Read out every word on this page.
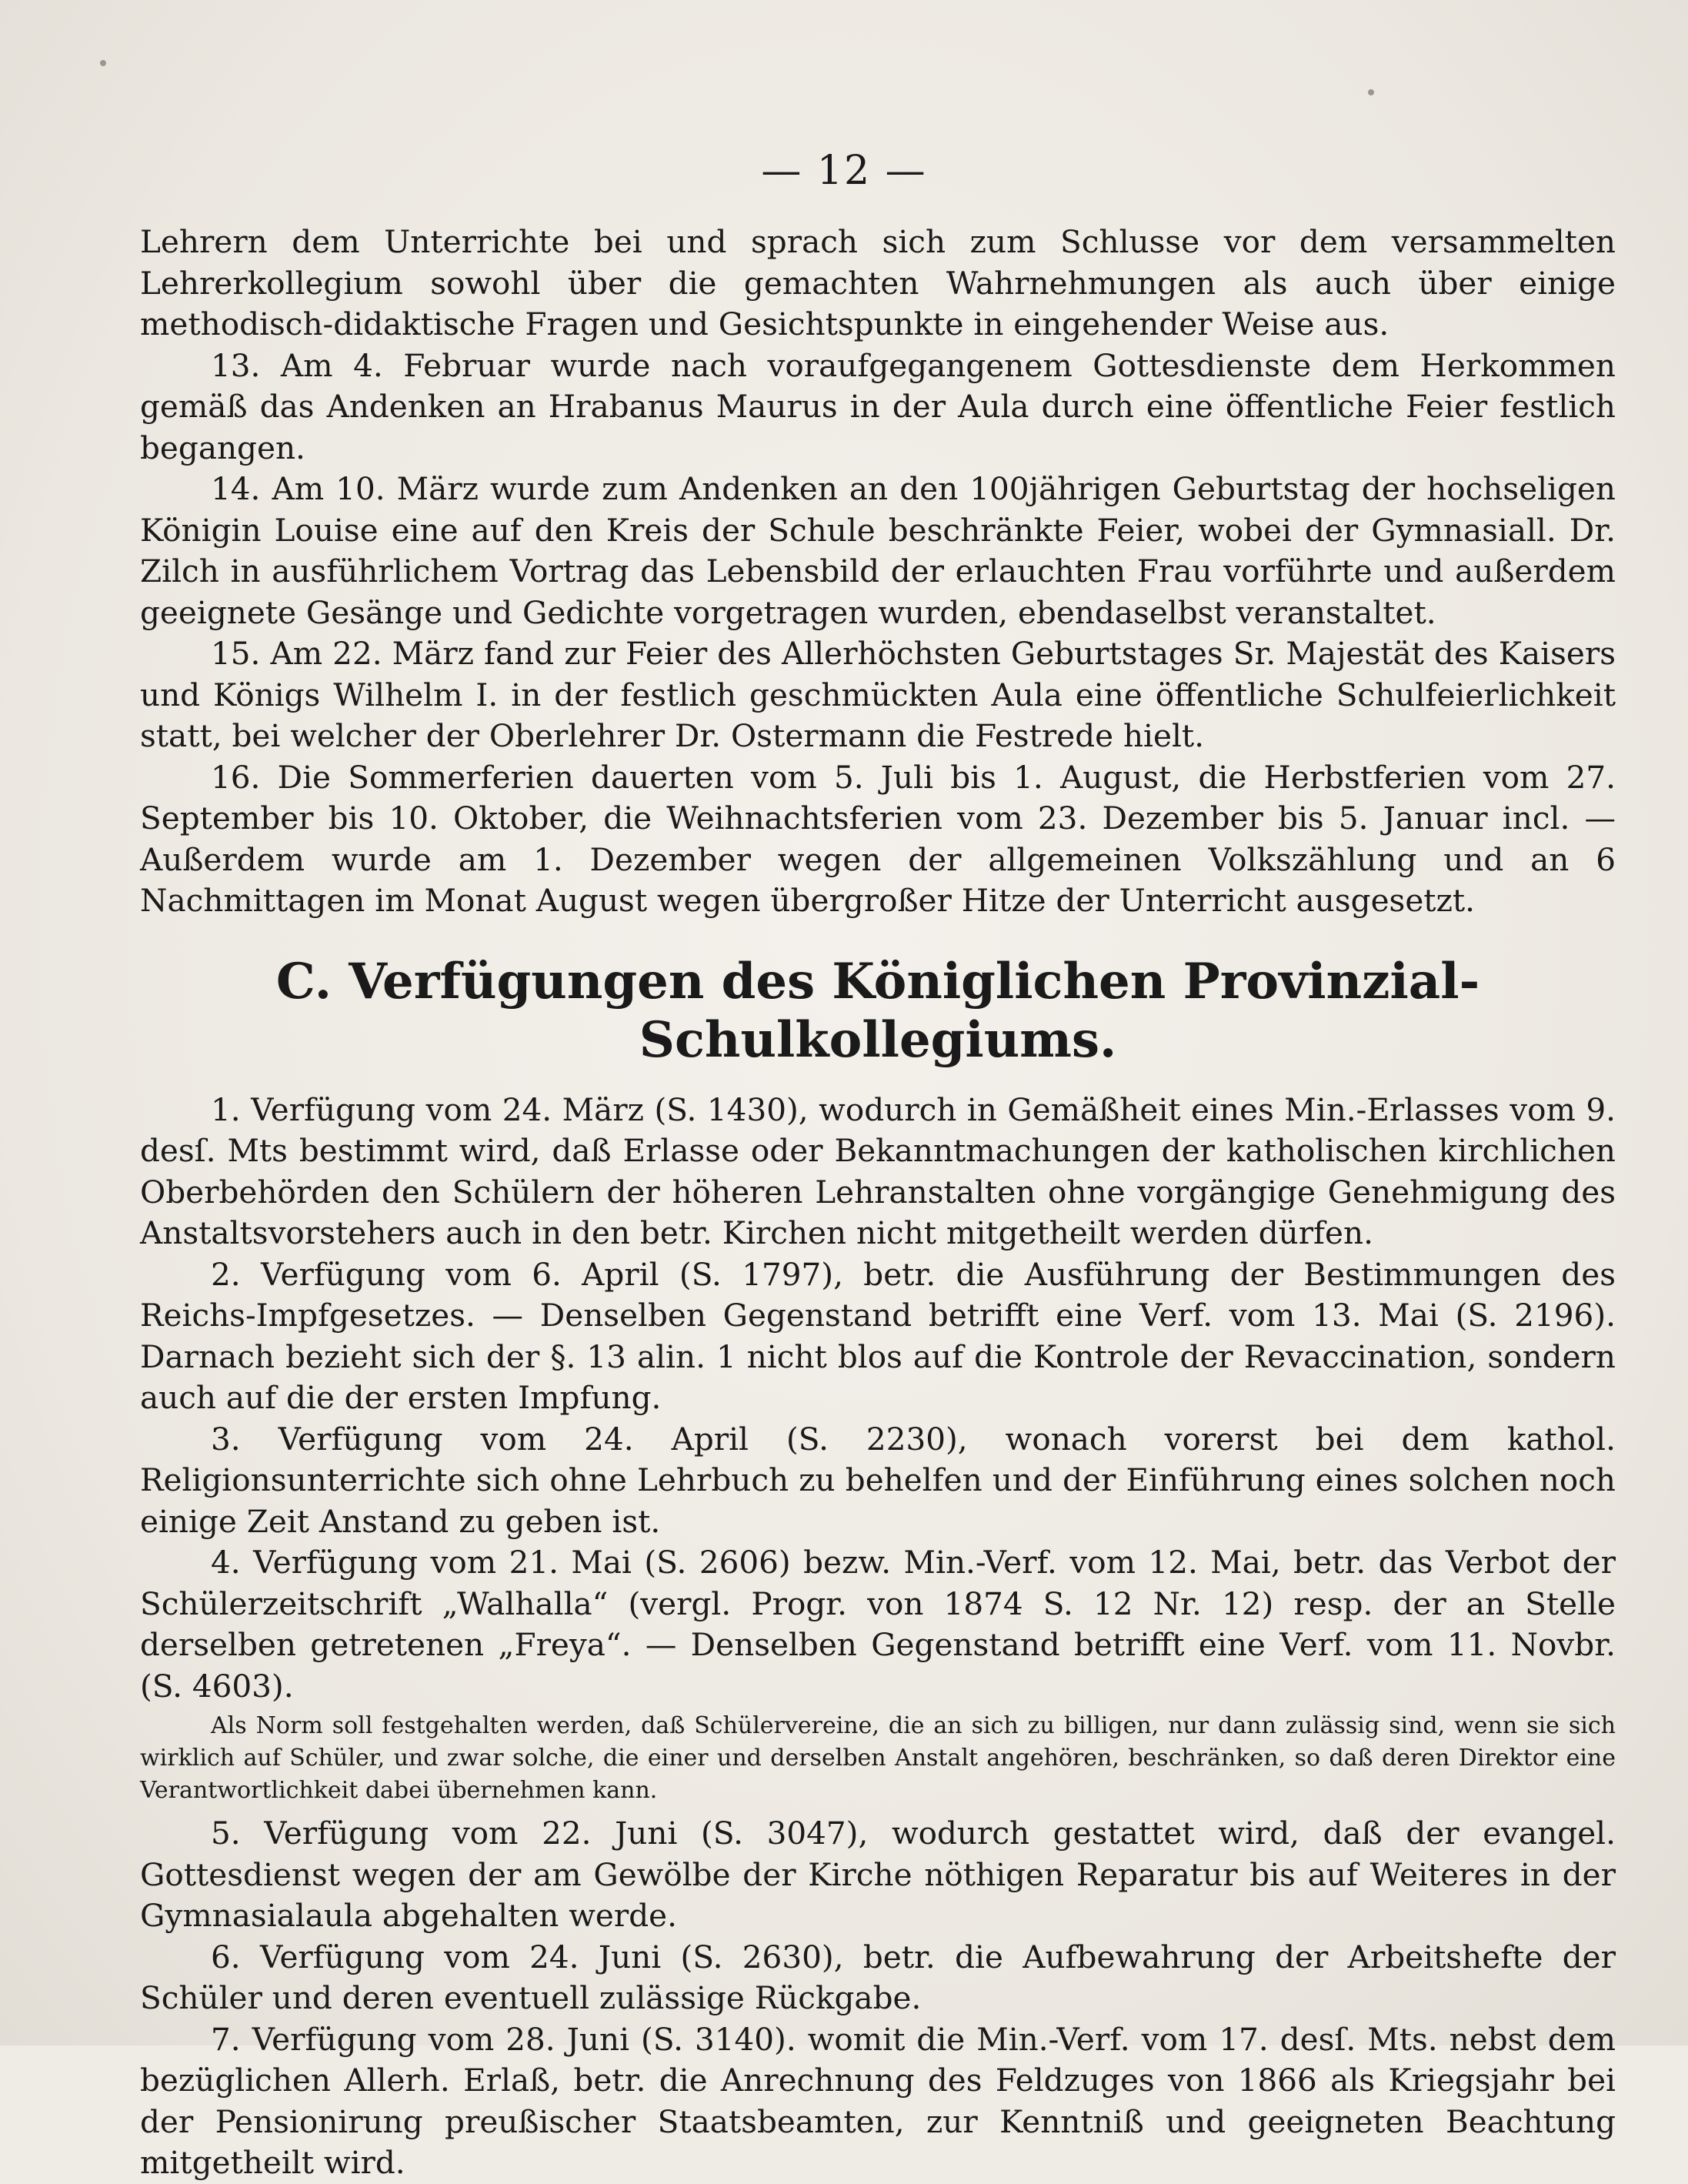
— 12 —

Lehrern dem Unterrichte bei und sprach sich zum Schlusse vor dem versammelten Lehrerkollegium sowohl über die gemachten Wahrnehmungen als auch über einige methodisch-didaktische Fragen und Gesichtspunkte in eingehender Weise aus.

13. Am 4. Februar wurde nach voraufgegangenem Gottesdienste dem Herkommen gemäß das Andenken an Hrabanus Maurus in der Aula durch eine öffentliche Feier festlich begangen.

14. Am 10. März wurde zum Andenken an den 100jährigen Geburtstag der hochseligen Königin Louise eine auf den Kreis der Schule beschränkte Feier, wobei der Gymnasiall. Dr. Zilch in ausführlichem Vortrag das Lebensbild der erlauchten Frau vorführte und außerdem geeignete Gesänge und Gedichte vorgetragen wurden, ebendaselbst veranstaltet.

15. Am 22. März fand zur Feier des Allerhöchsten Geburtstages Sr. Majestät des Kaisers und Königs Wilhelm I. in der festlich geschmückten Aula eine öffentliche Schulfeierlichkeit statt, bei welcher der Oberlehrer Dr. Ostermann die Festrede hielt.

16. Die Sommerferien dauerten vom 5. Juli bis 1. August, die Herbstferien vom 27. September bis 10. Oktober, die Weihnachtsferien vom 23. Dezember bis 5. Januar incl. — Außerdem wurde am 1. Dezember wegen der allgemeinen Volkszählung und an 6 Nachmittagen im Monat August wegen übergroßer Hitze der Unterricht ausgesetzt.

C. Verfügungen des Königlichen Provinzial-Schulkollegiums.

1. Verfügung vom 24. März (S. 1430), wodurch in Gemäßheit eines Min.-Erlasses vom 9. desſ. Mts bestimmt wird, daß Erlasse oder Bekanntmachungen der katholischen kirchlichen Oberbehörden den Schülern der höheren Lehranstalten ohne vorgängige Genehmigung des Anstaltsvorstehers auch in den betr. Kirchen nicht mitgetheilt werden dürfen.

2. Verfügung vom 6. April (S. 1797), betr. die Ausführung der Bestimmungen des Reichs-Impfgesetzes. — Denselben Gegenstand betrifft eine Verf. vom 13. Mai (S. 2196). Darnach bezieht sich der §. 13 alin. 1 nicht blos auf die Kontrole der Revaccination, sondern auch auf die der ersten Impfung.

3. Verfügung vom 24. April (S. 2230), wonach vorerst bei dem kathol. Religionsunterrichte sich ohne Lehrbuch zu behelfen und der Einführung eines solchen noch einige Zeit Anstand zu geben ist.

4. Verfügung vom 21. Mai (S. 2606) bezw. Min.-Verf. vom 12. Mai, betr. das Verbot der Schülerzeitschrift „Walhalla“ (vergl. Progr. von 1874 S. 12 Nr. 12) resp. der an Stelle derselben getretenen „Freya“. — Denselben Gegenstand betrifft eine Verf. vom 11. Novbr. (S. 4603).

Als Norm soll festgehalten werden, daß Schülervereine, die an sich zu billigen, nur dann zulässig sind, wenn sie sich wirklich auf Schüler, und zwar solche, die einer und derselben Anstalt angehören, beschränken, so daß deren Direktor eine Verantwortlichkeit dabei übernehmen kann.

5. Verfügung vom 22. Juni (S. 3047), wodurch gestattet wird, daß der evangel. Gottesdienst wegen der am Gewölbe der Kirche nöthigen Reparatur bis auf Weiteres in der Gymnasialaula abgehalten werde.

6. Verfügung vom 24. Juni (S. 2630), betr. die Aufbewahrung der Arbeitshefte der Schüler und deren eventuell zulässige Rückgabe.

7. Verfügung vom 28. Juni (S. 3140). womit die Min.-Verf. vom 17. desſ. Mts. nebst dem bezüglichen Allerh. Erlaß, betr. die Anrechnung des Feldzuges von 1866 als Kriegsjahr bei der Pensionirung preußischer Staatsbeamten, zur Kenntniß und geeigneten Beachtung mitgetheilt wird.
